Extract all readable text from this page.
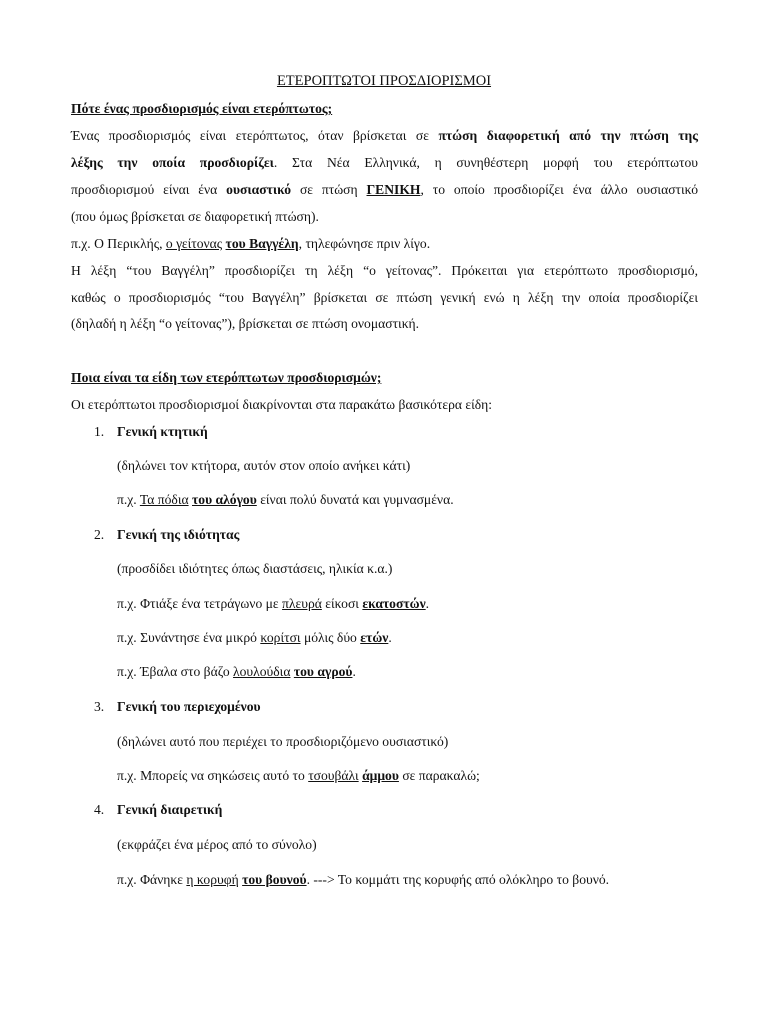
ΕΤΕΡΟΠΤΩΤΟΙ ΠΡΟΣΔΙΟΡΙΣΜΟΙ
Πότε ένας προσδιορισμός είναι ετερόπτωτος;
Ένας προσδιορισμός είναι ετερόπτωτος, όταν βρίσκεται σε πτώση διαφορετική από την πτώση της
λέξης την οποία προσδιορίζει. Στα Νέα Ελληνικά, η συνηθέστερη μορφή του ετερόπτωτου
προσδιορισμού είναι ένα ουσιαστικό σε πτώση ΓΕΝΙΚΗ, το οποίο προσδιορίζει ένα άλλο ουσιαστικό
(που όμως βρίσκεται σε διαφορετική πτώση).
π.χ. Ο Περικλής, ο γείτονας του Βαγγέλη, τηλεφώνησε πριν λίγο.
Η λέξη “του Βαγγέλη” προσδιορίζει τη λέξη “ο γείτονας”. Πρόκειται για ετερόπτωτο προσδιορισμό,
καθώς ο προσδιορισμός “του Βαγγέλη” βρίσκεται σε πτώση γενική ενώ η λέξη την οποία προσδιορίζει
(δηλαδή η λέξη “ο γείτονας”), βρίσκεται σε πτώση ονομαστική.
Ποια είναι τα είδη των ετερόπτωτων προσδιορισμών;
Οι ετερόπτωτοι προσδιορισμοί διακρίνονται στα παρακάτω βασικότερα είδη:
1. Γενική κτητική
(δηλώνει τον κτήτορα, αυτόν στον οποίο ανήκει κάτι)
π.χ. Τα πόδια του αλόγου είναι πολύ δυνατά και γυμνασμένα.
2. Γενική της ιδιότητας
(προσδίδει ιδιότητες όπως διαστάσεις, ηλικία κ.α.)
π.χ. Φτιάξε ένα τετράγωνο με πλευρά είκοσι εκατοστών.
π.χ. Συνάντησε ένα μικρό κορίτσι μόλις δύο ετών.
π.χ. Έβαλα στο βάζο λουλούδια του αγρού.
3. Γενική του περιεχομένου
(δηλώνει αυτό που περιέχει το προσδιοριζόμενο ουσιαστικό)
π.χ. Μπορείς να σηκώσεις αυτό το τσουβάλι άμμου σε παρακαλώ;
4. Γενική διαιρετική
(εκφράζει ένα μέρος από το σύνολο)
π.χ. Φάνηκε η κορυφή του βουνού. ---> Το κομμάτι της κορυφής από ολόκληρο το βουνό.
